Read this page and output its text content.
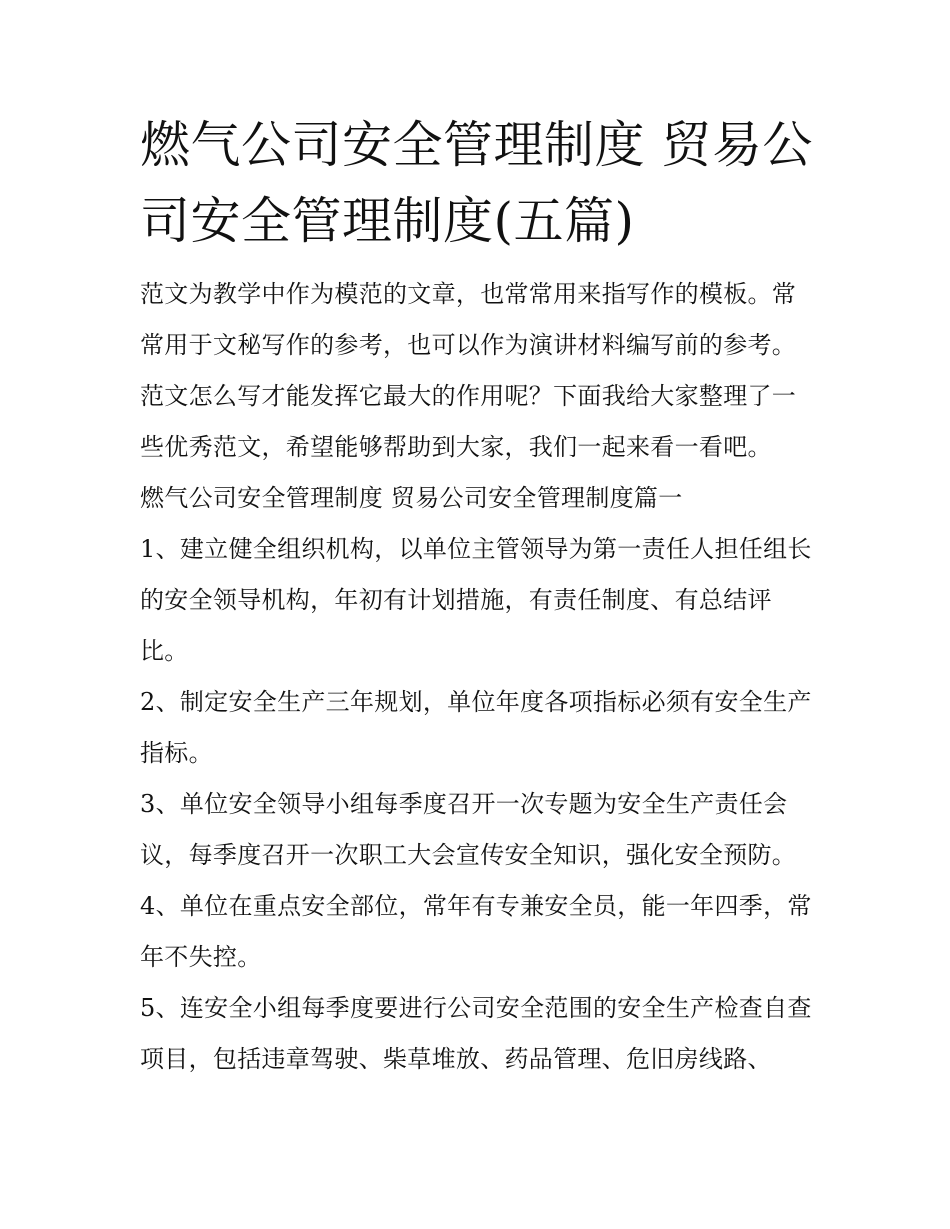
燃气公司安全管理制度 贸易公司安全管理制度(五篇)

范文为教学中作为模范的文章，也常常用来指写作的模板。常常用于文秘写作的参考，也可以作为演讲材料编写前的参考。范文怎么写才能发挥它最大的作用呢？下面我给大家整理了一些优秀范文，希望能够帮助到大家，我们一起来看一看吧。

燃气公司安全管理制度 贸易公司安全管理制度篇一

1、建立健全组织机构，以单位主管领导为第一责任人担任组长的安全领导机构，年初有计划措施，有责任制度、有总结评比。

2、制定安全生产三年规划，单位年度各项指标必须有安全生产指标。

3、单位安全领导小组每季度召开一次专题为安全生产责任会议，每季度召开一次职工大会宣传安全知识，强化安全预防。

4、单位在重点安全部位，常年有专兼安全员，能一年四季，常年不失控。

5、连安全小组每季度要进行公司安全范围的安全生产检查自查项目，包括违章驾驶、柴草堆放、药品管理、危旧房线路、
